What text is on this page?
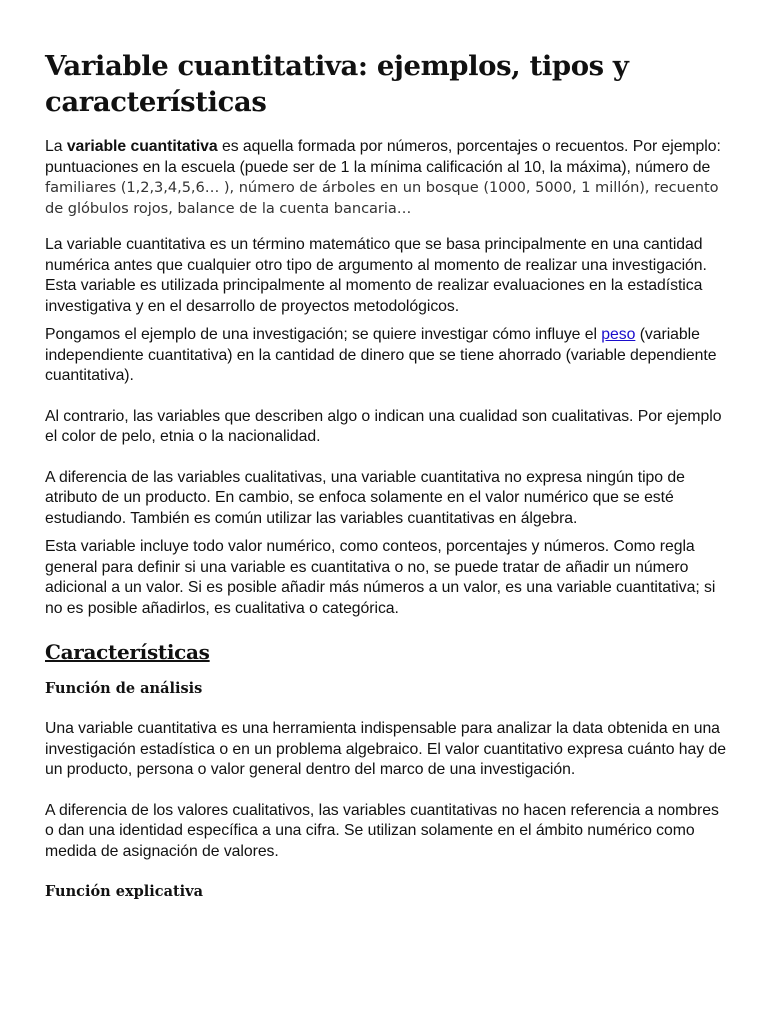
Variable cuantitativa: ejemplos, tipos y características

La variable cuantitativa es aquella formada por números, porcentajes o recuentos. Por ejemplo: puntuaciones en la escuela (puede ser de 1 la mínima calificación al 10, la máxima), número de familiares (1,2,3,4,5,6… ), número de árboles en un bosque (1000, 5000, 1 millón), recuento de glóbulos rojos, balance de la cuenta bancaria…

La variable cuantitativa es un término matemático que se basa principalmente en una cantidad numérica antes que cualquier otro tipo de argumento al momento de realizar una investigación. Esta variable es utilizada principalmente al momento de realizar evaluaciones en la estadística investigativa y en el desarrollo de proyectos metodológicos.

Pongamos el ejemplo de una investigación; se quiere investigar cómo influye el peso (variable independiente cuantitativa) en la cantidad de dinero que se tiene ahorrado (variable dependiente cuantitativa).

Al contrario, las variables que describen algo o indican una cualidad son cualitativas. Por ejemplo el color de pelo, etnia o la nacionalidad.

A diferencia de las variables cualitativas, una variable cuantitativa no expresa ningún tipo de atributo de un producto. En cambio, se enfoca solamente en el valor numérico que se esté estudiando. También es común utilizar las variables cuantitativas en álgebra.

Esta variable incluye todo valor numérico, como conteos, porcentajes y números. Como regla general para definir si una variable es cuantitativa o no, se puede tratar de añadir un número adicional a un valor. Si es posible añadir más números a un valor, es una variable cuantitativa; si no es posible añadirlos, es cualitativa o categórica.

Características
Función de análisis

Una variable cuantitativa es una herramienta indispensable para analizar la data obtenida en una investigación estadística o en un problema algebraico. El valor cuantitativo expresa cuánto hay de un producto, persona o valor general dentro del marco de una investigación.

A diferencia de los valores cualitativos, las variables cuantitativas no hacen referencia a nombres o dan una identidad específica a una cifra. Se utilizan solamente en el ámbito numérico como medida de asignación de valores.

Función explicativa
